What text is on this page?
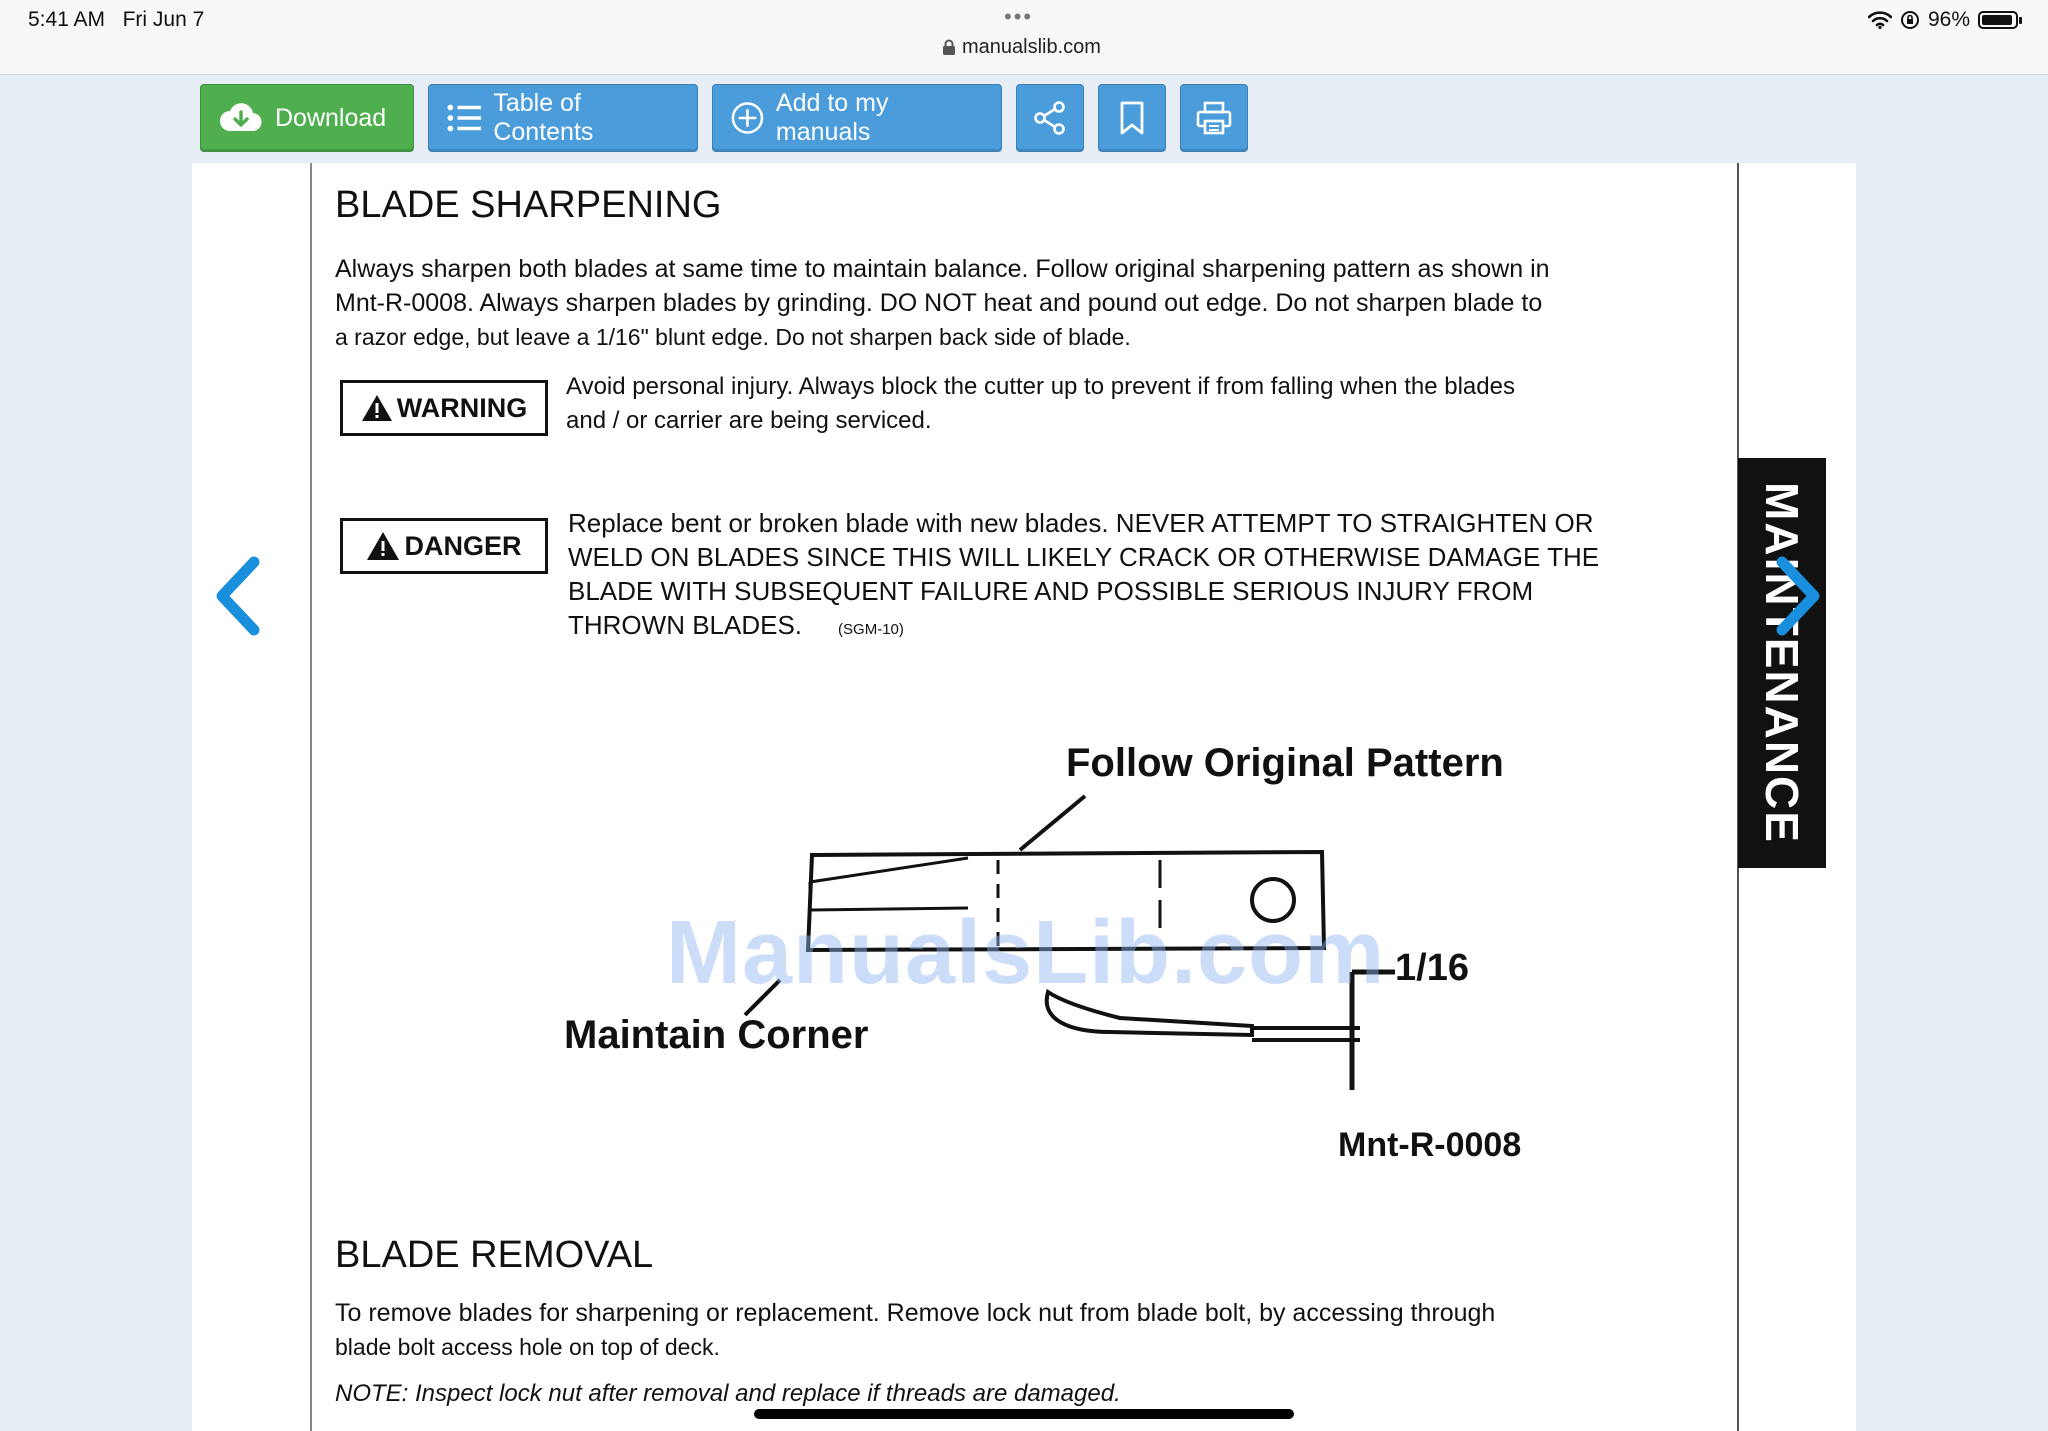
5:41 AM Fri Jun 7	•••
manualslib.com
96%
Download
Table of Contents
Add to my manuals
MAINTENANCE
BLADE SHARPENING
Always sharpen both blades at same time to maintain balance. Follow original sharpening pattern as shown in
Mnt-R-0008. Always sharpen blades by grinding. DO NOT heat and pound out edge. Do not sharpen blade to
a razor edge, but leave a 1/16" blunt edge. Do not sharpen back side of blade.
WARNING
Avoid personal injury. Always block the cutter up to prevent if from falling when the blades
and / or carrier are being serviced.
DANGER
Replace bent or broken blade with new blades. NEVER ATTEMPT TO STRAIGHTEN OR
WELD ON BLADES SINCE THIS WILL LIKELY CRACK OR OTHERWISE DAMAGE THE
BLADE WITH SUBSEQUENT FAILURE AND POSSIBLE SERIOUS INJURY FROM
THROWN BLADES. (SGM-10)
Follow Original Pattern
1/16
Maintain Corner
Mnt-R-0008
ManualsLib.com
BLADE REMOVAL
To remove blades for sharpening or replacement. Remove lock nut from blade bolt, by accessing through
blade bolt access hole on top of deck.
NOTE: Inspect lock nut after removal and replace if threads are damaged.
